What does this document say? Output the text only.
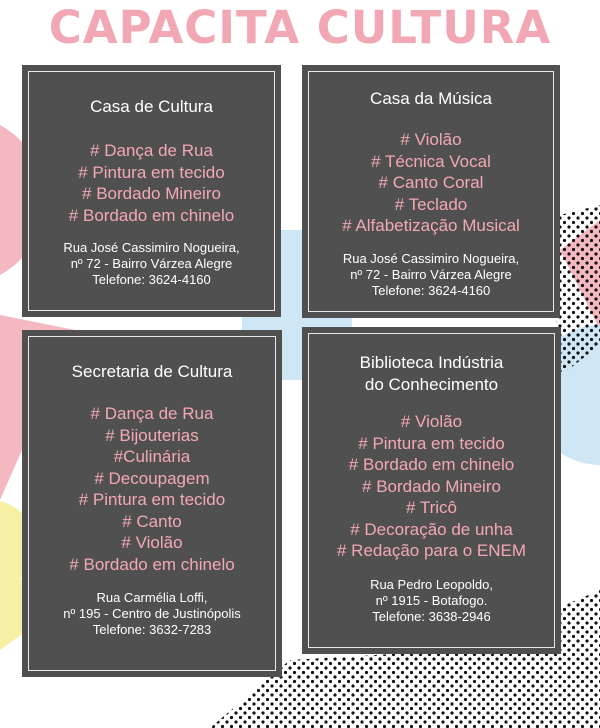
CAPACITA CULTURA
Casa de Cultura
# Dança de Rua
# Pintura em tecido
# Bordado Mineiro
# Bordado em chinelo
Rua José Cassimiro Nogueira,
nº 72 - Bairro Várzea Alegre
Telefone: 3624-4160
Casa da Música
# Violão
# Técnica Vocal
# Canto Coral
# Teclado
# Alfabetização Musical
Rua José Cassimiro Nogueira,
nº 72 - Bairro Várzea Alegre
Telefone: 3624-4160
Secretaria de Cultura
# Dança de Rua
# Bijouterias
#Culinária
# Decoupagem
# Pintura em tecido
# Canto
# Violão
# Bordado em chinelo
Rua Carmélia Loffi,
nº 195 - Centro de Justinópolis
Telefone: 3632-7283
Biblioteca Indústria
do Conhecimento
# Violão
# Pintura em tecido
# Bordado em chinelo
# Bordado Mineiro
# Tricô
# Decoração de unha
# Redação para o ENEM
Rua Pedro Leopoldo,
nº 1915 - Botafogo.
Telefone: 3638-2946
